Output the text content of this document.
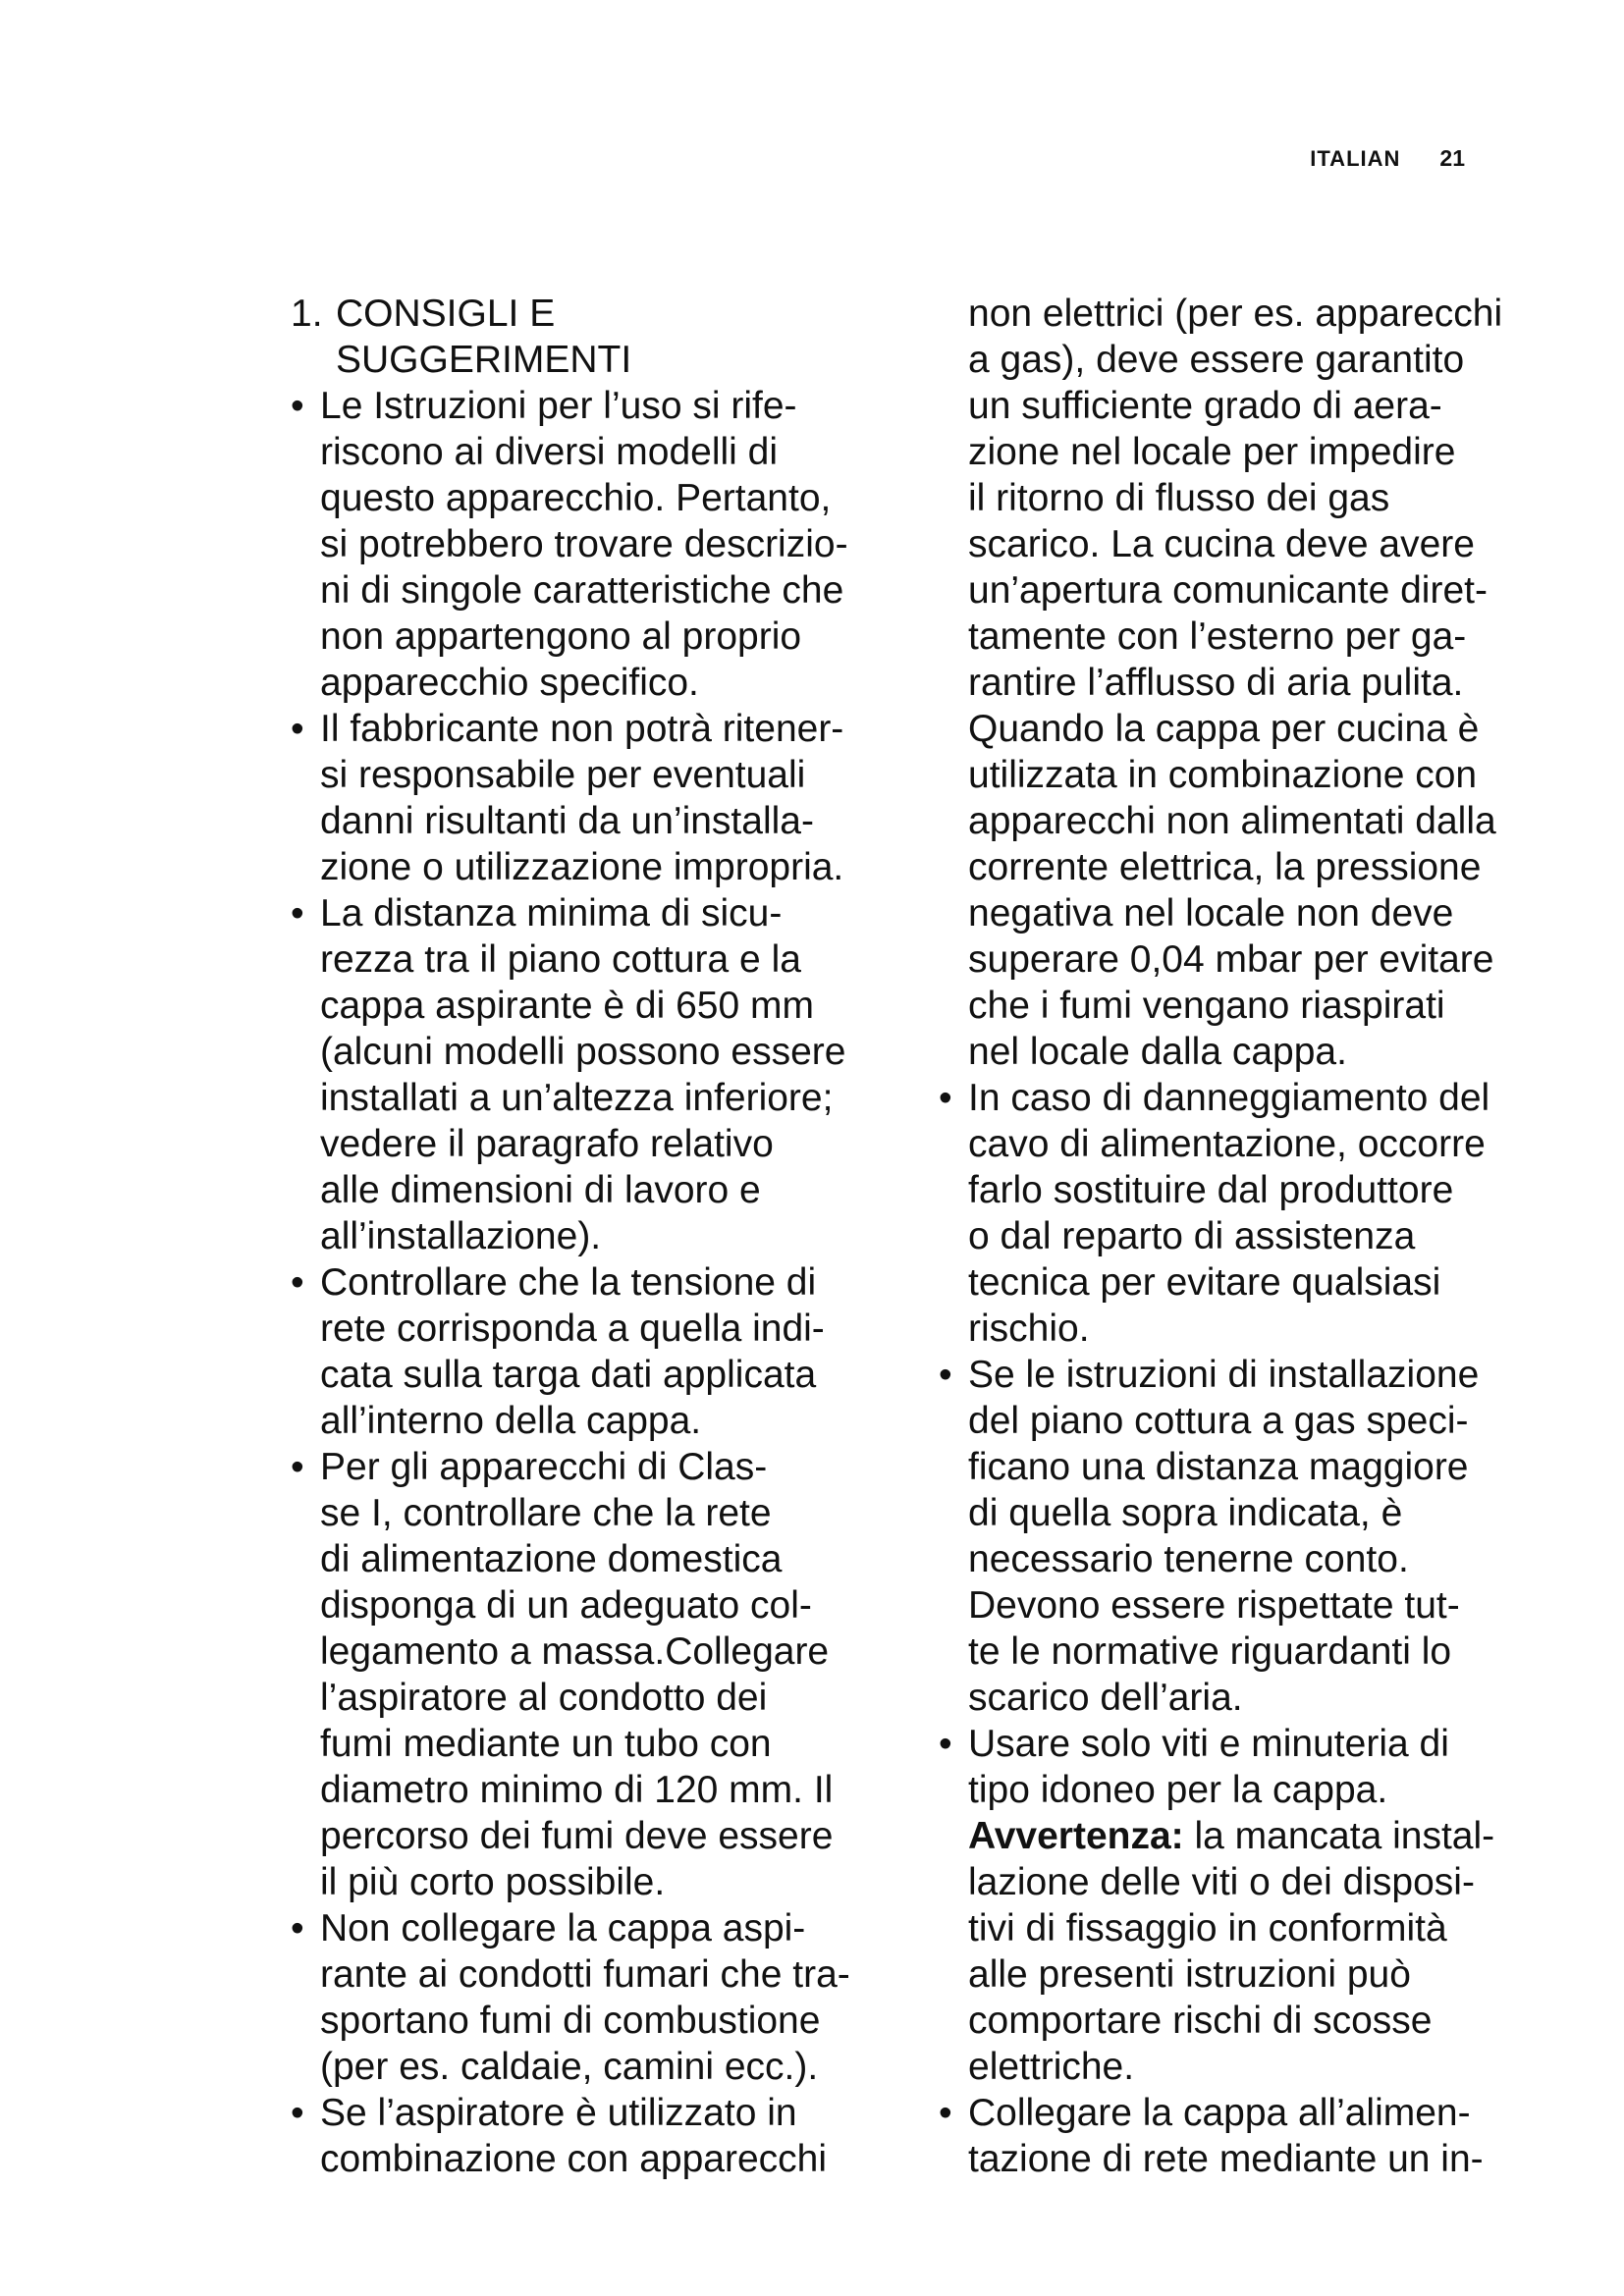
ITALIAN 21
1. CONSIGLI E
SUGGERIMENTI
• Le Istruzioni per l’uso si rife-
riscono ai diversi modelli di
questo apparecchio. Pertanto,
si potrebbero trovare descrizio-
ni di singole caratteristiche che
non appartengono al proprio
apparecchio specifico.
• Il fabbricante non potrà ritener-
si responsabile per eventuali
danni risultanti da un’installa-
zione o utilizzazione impropria.
• La distanza minima di sicu-
rezza tra il piano cottura e la
cappa aspirante è di 650 mm
(alcuni modelli possono essere
installati a un’altezza inferiore;
vedere il paragrafo relativo
alle dimensioni di lavoro e
all’installazione).
• Controllare che la tensione di
rete corrisponda a quella indi-
cata sulla targa dati applicata
all’interno della cappa.
• Per gli apparecchi di Clas-
se I, controllare che la rete
di alimentazione domestica
disponga di un adeguato col-
legamento a massa.Collegare
l’aspiratore al condotto dei
fumi mediante un tubo con
diametro minimo di 120 mm. Il
percorso dei fumi deve essere
il più corto possibile.
• Non collegare la cappa aspi-
rante ai condotti fumari che tra-
sportano fumi di combustione
(per es. caldaie, camini ecc.).
• Se l’aspiratore è utilizzato in
combinazione con apparecchi
non elettrici (per es. apparecchi
a gas), deve essere garantito
un sufficiente grado di aera-
zione nel locale per impedire
il ritorno di flusso dei gas
scarico. La cucina deve avere
un’apertura comunicante diret-
tamente con l’esterno per ga-
rantire l’afflusso di aria pulita.
Quando la cappa per cucina è
utilizzata in combinazione con
apparecchi non alimentati dalla
corrente elettrica, la pressione
negativa nel locale non deve
superare 0,04 mbar per evitare
che i fumi vengano riaspirati
nel locale dalla cappa.
• In caso di danneggiamento del
cavo di alimentazione, occorre
farlo sostituire dal produttore
o dal reparto di assistenza
tecnica per evitare qualsiasi
rischio.
• Se le istruzioni di installazione
del piano cottura a gas speci-
ficano una distanza maggiore
di quella sopra indicata, è
necessario tenerne conto.
Devono essere rispettate tut-
te le normative riguardanti lo
scarico dell’aria.
• Usare solo viti e minuteria di
tipo idoneo per la cappa.
Avvertenza: la mancata instal-
lazione delle viti o dei disposi-
tivi di fissaggio in conformità
alle presenti istruzioni può
comportare rischi di scosse
elettriche.
• Collegare la cappa all’alimen-
tazione di rete mediante un in-
